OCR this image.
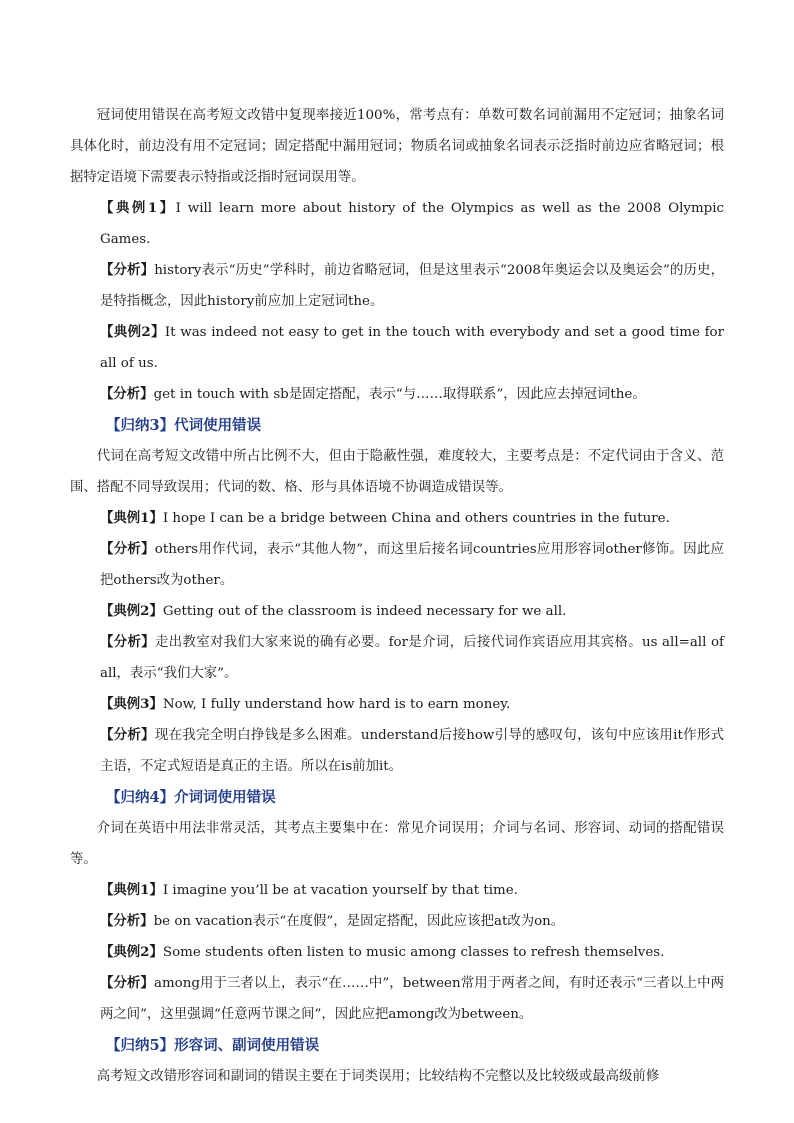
冠词使用错误在高考短文改错中复现率接近100%，常考点有：单数可数名词前漏用不定冠词；抽象名词具体化时，前边没有用不定冠词；固定搭配中漏用冠词；物质名词或抽象名词表示泛指时前边应省略冠词；根据特定语境下需要表示特指或泛指时冠词误用等。

【典例1】I will learn more about history of the Olympics as well as the 2008 Olympic Games.

【分析】history表示“历史”学科时，前边省略冠词，但是这里表示“2008年奥运会以及奥运会”的历史，是特指概念，因此history前应加上定冠词the。

【典例2】It was indeed not easy to get in the touch with everybody and set a good time for all of us.

【分析】get in touch with sb是固定搭配，表示“与……取得联系”，因此应去掉冠词the。

【归纳3】代词使用错误

代词在高考短文改错中所占比例不大，但由于隐蔽性强，难度较大，主要考点是：不定代词由于含义、范围、搭配不同导致误用；代词的数、格、形与具体语境不协调造成错误等。

【典例1】I hope I can be a bridge between China and others countries in the future.

【分析】others用作代词，表示“其他人物”，而这里后接名词countries应用形容词other修饰。因此应把others改为other。

【典例2】Getting out of the classroom is indeed necessary for we all.

【分析】走出教室对我们大家来说的确有必要。for是介词，后接代词作宾语应用其宾格。us all=all of all，表示“我们大家”。

【典例3】Now, I fully understand how hard is to earn money.

【分析】现在我完全明白挣钱是多么困难。understand后接how引导的感叹句，该句中应该用it作形式主语，不定式短语是真正的主语。所以在is前加it。

【归纳4】介词词使用错误

介词在英语中用法非常灵活，其考点主要集中在：常见介词误用；介词与名词、形容词、动词的搭配错误等。

【典例1】I imagine you’ll be at vacation yourself by that time.

【分析】be on vacation表示“在度假”，是固定搭配，因此应该把at改为on。

【典例2】Some students often listen to music among classes to refresh themselves.

【分析】among用于三者以上，表示“在……中”，between常用于两者之间，有时还表示“三者以上中两两之间”，这里强调“任意两节课之间”，因此应把among改为between。

【归纳5】形容词、副词使用错误

高考短文改错形容词和副词的错误主要在于词类误用；比较结构不完整以及比较级或最高级前修
